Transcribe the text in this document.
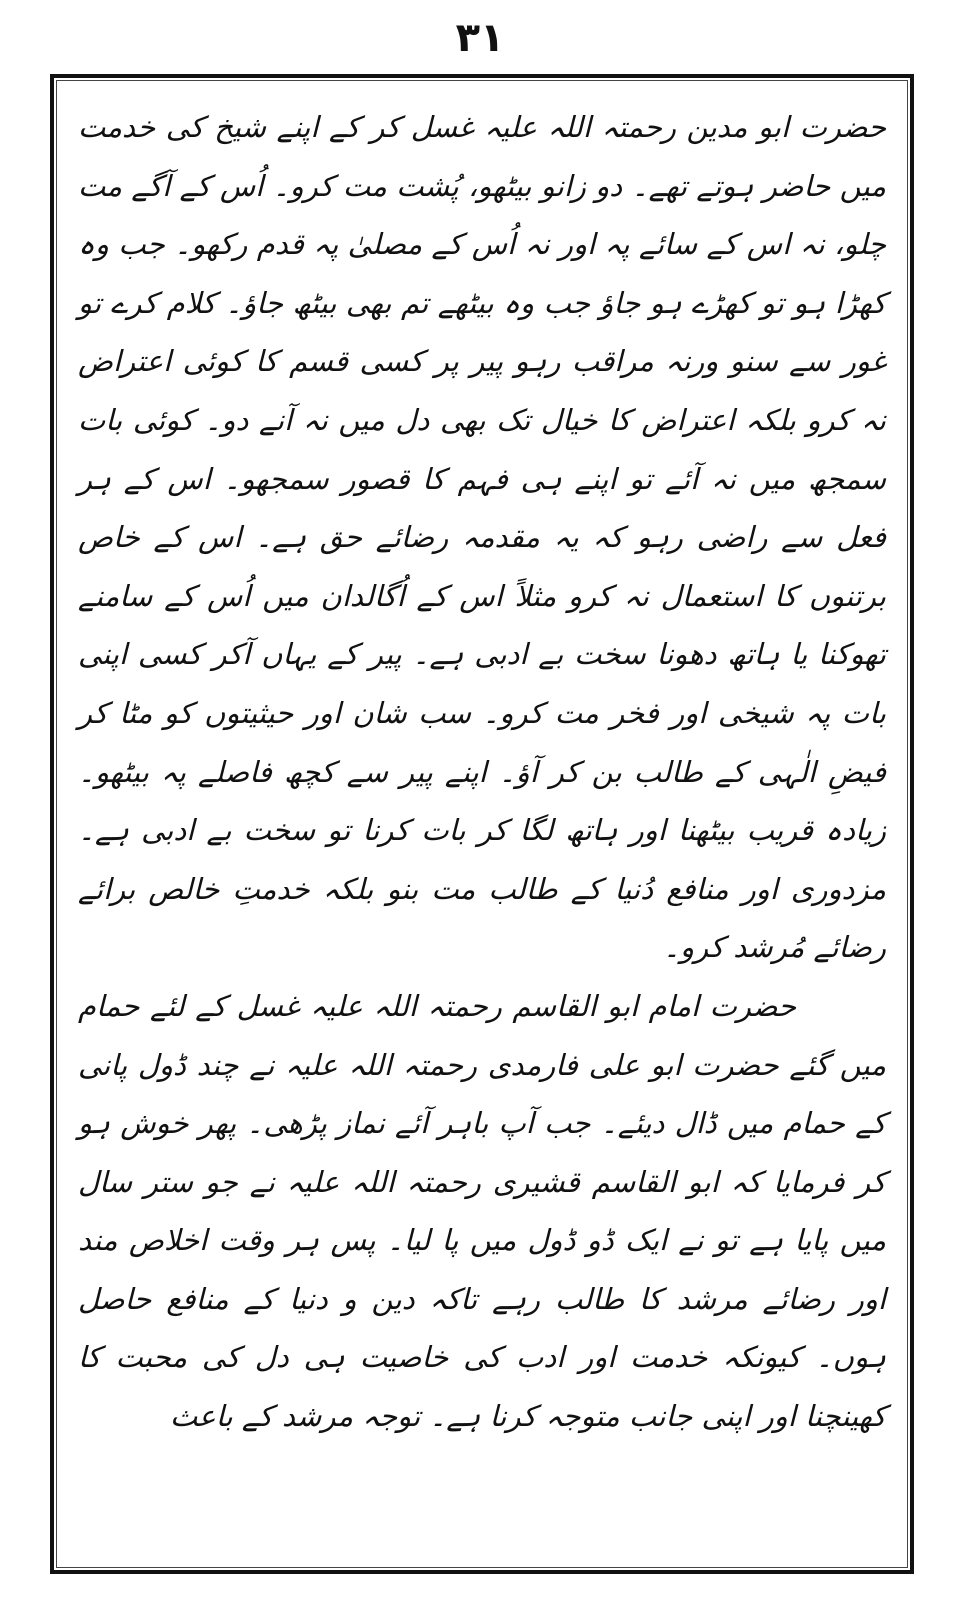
۳۱

حضرت ابو مدین رحمتہ اللہ علیہ غسل کر کے اپنے شیخ کی خدمت میں حاضر ہوتے تھے۔ دو زانو بیٹھو، پُشت مت کرو۔ اُس کے آگے مت چلو، نہ اس کے سائے پہ اور نہ اُس کے مصلیٰ پہ قدم رکھو۔ جب وہ کھڑا ہو تو کھڑے ہو جاؤ جب وہ بیٹھے تم بھی بیٹھ جاؤ۔ کلام کرے تو غور سے سنو ورنہ مراقب رہو پیر پر کسی قسم کا کوئی اعتراض نہ کرو بلکہ اعتراض کا خیال تک بھی دل میں نہ آنے دو۔ کوئی بات سمجھ میں نہ آئے تو اپنے ہی فہم کا قصور سمجھو۔ اس کے ہر فعل سے راضی رہو کہ یہ مقدمہ رضائے حق ہے۔ اس کے خاص برتنوں کا استعمال نہ کرو مثلاً اس کے اُگالدان میں اُس کے سامنے تھوکنا یا ہاتھ دھونا سخت بے ادبی ہے۔ پیر کے یہاں آکر کسی اپنی بات پہ شیخی اور فخر مت کرو۔ سب شان اور حیثیتوں کو مٹا کر فیضِ الٰہی کے طالب بن کر آؤ۔ اپنے پیر سے کچھ فاصلے پہ بیٹھو۔ زیادہ قریب بیٹھنا اور ہاتھ لگا کر بات کرنا تو سخت بے ادبی ہے۔ مزدوری اور منافع دُنیا کے طالب مت بنو بلکہ خدمتِ خالص برائے رضائے مُرشد کرو۔

حضرت امام ابو القاسم رحمتہ اللہ علیہ غسل کے لئے حمام میں گئے حضرت ابو علی فارمدی رحمتہ اللہ علیہ نے چند ڈول پانی کے حمام میں ڈال دیئے۔ جب آپ باہر آئے نماز پڑھی۔ پھر خوش ہو کر فرمایا کہ ابو القاسم قشیری رحمتہ اللہ علیہ نے جو ستر سال میں پایا ہے تو نے ایک ڈو ڈول میں پا لیا۔ پس ہر وقت اخلاص مند اور رضائے مرشد کا طالب رہے تاکہ دین و دنیا کے منافع حاصل ہوں۔ کیونکہ خدمت اور ادب کی خاصیت ہی دل کی محبت کا کھینچنا اور اپنی جانب متوجہ کرنا ہے۔ توجہ مرشد کے باعث
